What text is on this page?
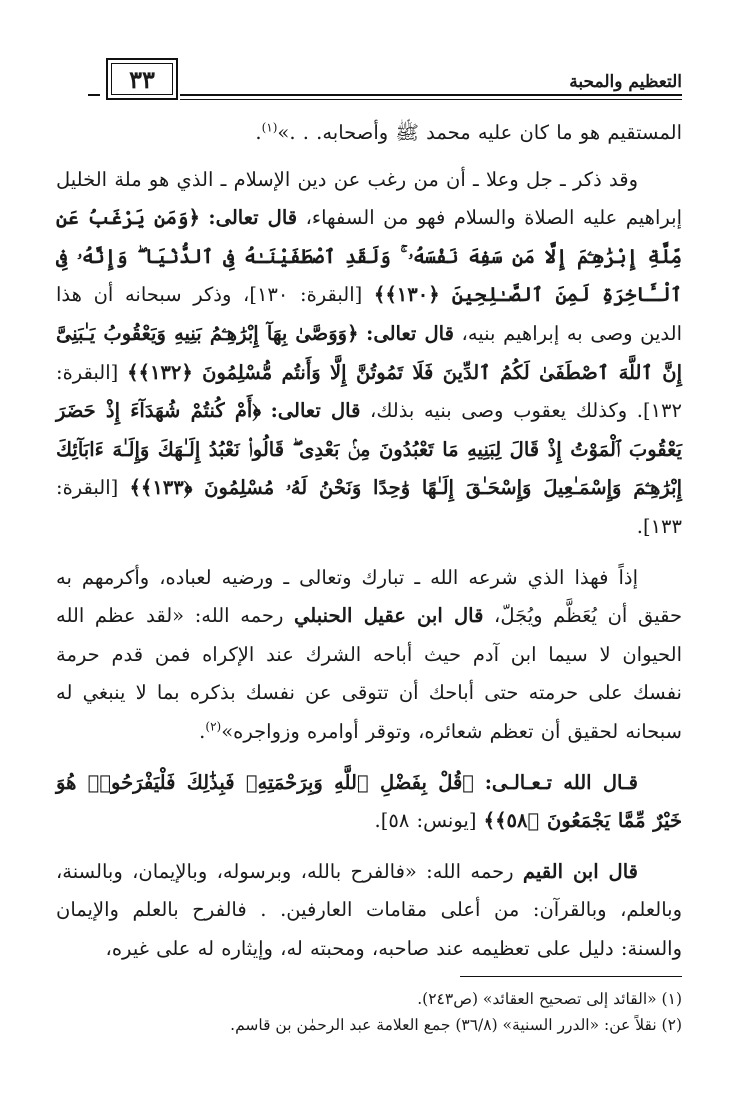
التعظيم والمحبة
٣٣

المستقيم هو ما كان عليه محمد ﷺ وأصحابه. . .»$^{(١)}$.

وقد ذكر ـ جل وعلا ـ أن من رغب عن دين الإسلام ـ الذي هو ملة الخليل إبراهيم عليه الصلاة والسلام فهو من السفهاء، قال تعالى: ﴿وَمَن يَرْغَبُ عَن مِّلَّةِ إِبْرَٰهِـۧمَ إِلَّا مَن سَفِهَ نَفْسَهُۥ ۚ وَلَقَدِ ٱصْطَفَيْنَـٰهُ فِى ٱلدُّنْيَا ۖ وَإِنَّهُۥ فِى ٱلْـَٔاخِرَةِ لَمِنَ ٱلصَّـٰلِحِينَ ﴿١٣٠﴾﴾ [البقرة: ١٣٠]، وذكر سبحانه أن هذا الدين وصى به إبراهيم بنيه، قال تعالى: ﴿وَوَصَّىٰ بِهَآ إِبْرَٰهِـۧمُ بَنِيهِ وَيَعْقُوبُ يَـٰبَنِىَّ إِنَّ ٱللَّهَ ٱصْطَفَىٰ لَكُمُ ٱلدِّينَ فَلَا تَمُوتُنَّ إِلَّا وَأَنتُم مُّسْلِمُونَ ﴿١٣٢﴾﴾ [البقرة: ١٣٢]. وكذلك يعقوب وصى بنيه بذلك، قال تعالى: ﴿أَمْ كُنتُمْ شُهَدَآءَ إِذْ حَضَرَ يَعْقُوبَ ٱلْمَوْتُ إِذْ قَالَ لِبَنِيهِ مَا تَعْبُدُونَ مِنۢ بَعْدِى ۖ قَالُوا۟ نَعْبُدُ إِلَـٰهَكَ وَإِلَـٰهَ ءَابَآئِكَ إِبْرَٰهِـۧمَ وَإِسْمَـٰعِيلَ وَإِسْحَـٰقَ إِلَـٰهًا وَٰحِدًا وَنَحْنُ لَهُۥ مُسْلِمُونَ ﴿١٣٣﴾﴾ [البقرة: ١٣٣].

إذاً فهذا الذي شرعه الله ـ تبارك وتعالى ـ ورضيه لعباده، وأكرمهم به حقيق أن يُعَظَّم ويُجَلّ، قال ابن عقيل الحنبلي رحمه الله: «لقد عظم الله الحيوان لا سيما ابن آدم حيث أباحه الشرك عند الإكراه فمن قدم حرمة نفسك على حرمته حتى أباحك أن تتوقى عن نفسك بذكره بما لا ينبغي له سبحانه لحقيق أن تعظم شعائره، وتوقر أوامره وزواجره»$^{(٢)}$.

قـال الله تـعـالـى: ﴿قُلْ بِفَضْلِ ٱللَّهِ وَبِرَحْمَتِهِۦ فَبِذَٰلِكَ فَلْيَفْرَحُوا۟ هُوَ خَيْرٌ مِّمَّا يَجْمَعُونَ ﴿٥٨﴾﴾ [يونس: ٥٨].

قال ابن القيم رحمه الله: «فالفرح بالله، وبرسوله، وبالإيمان، وبالسنة، وبالعلم، وبالقرآن: من أعلى مقامات العارفين. . فالفرح بالعلم والإيمان والسنة: دليل على تعظيمه عند صاحبه، ومحبته له، وإيثاره له على غيره،

(١) «القائد إلى تصحيح العقائد» (ص٢٤٣).

(٢) نقلاً عن: «الدرر السنية» (٣٦/٨) جمع العلامة عبد الرحمٰن بن قاسم.
